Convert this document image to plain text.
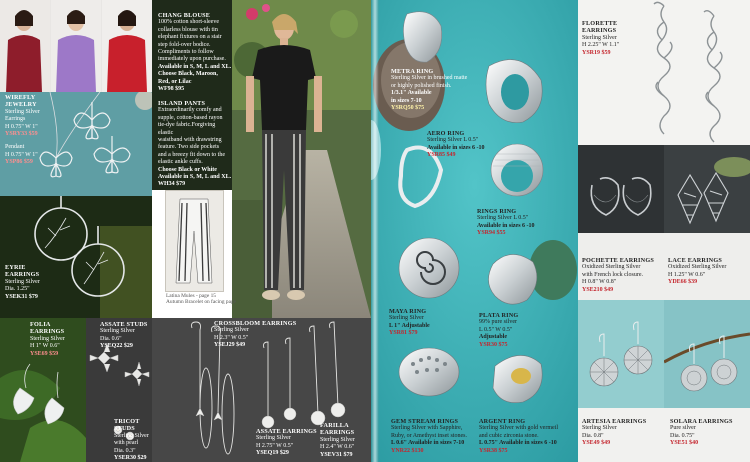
CHANG BLOUSE
100% cotton short-sleeve
collarless blouse with tin
elephant fixtures on a stair
step fold-over bodice.
Compliments to follow
immediately upon purchase.
Available in S, M, L and XL.
Choose Black, Maroon,
Red, or Lilac
WF98 $95
ISLAND PANTS
Extraordinarily comfy and
supple, cotton-based rayon
tie-dye fabric.Forgiving elastic
waistband with drawstring
feature. Two side pockets
and a breezy fit down to the
elastic ankle cuffs.
Choose Black or White
Available in S, M, L and XL.
WH34 $79
Latina Mules - page 15
Autumn Bracelet on facing page
WIREFLY JEWELRY
Sterling Silver
Earrings
H 0.75" W 1"
YSRY33 $59
Pendant
H 0.75" W 1"
YSP86 $59
EYRIE EARRINGS
Sterling Silver
Dia. 1.25"
YSEK31 $79
FOLIA EARRINGS
Sterling Silver
H 1" W 0.6"
YSE69 $59
ASSATE STUDS
Sterling Silver
Dia. 0.6"
YSEQ22 $29
TRICOT STUDS
Sterling Silver with pearl
Dia. 0.3"
YSER30 $29
CROSSBLOOM EARRINGS
Sterling Silver
H 2.3" W 0.5"
YSEJ29 $49
ASSATE EARRINGS
Sterling Silver
H 2.75" W 0.5"
YSEQ19 $29
FARILLA EARRINGS
Sterling Silver
H 2.4" W 0.6"
YSEV31 $79
METRA RING
Sterling Silver in brushed matte
or highly polished finish.
1/3.1" Available
in sizes 7-10
YSRQ50 $75
AERO RING
Sterling Silver L 0.5"
Available in sizes 6 -10
YSR85 $49
RINGS RING
Sterling Silver L 0.5"
Available in sizes 6 -10
YSR94 $55
MAYA RING
Sterling Silver
L 1" Adjustable
YSR81 $79
PLATA RING
99% pure silver
L 0.5" W 0.5"
Adjustable
YSR30 $75
GEM STREAM RINGS
Sterling Silver with Sapphire,
Ruby, or Amethyst inset stones.
L 0.6" Available in sizes 7-10
YNR22 $130
ARGENT RING
Sterling Silver with gold vermeil
and cubic zirconia stone.
L 0.75" Available in sizes 6 -10
YSR38 $75
FLORETTE EARRINGS
Sterling Silver
H 2.25" W 1.1"
YSR19 $59
POCHETTE EARRINGS
Oxidized Sterling Silver
with French lock closure.
H 0.8" W 0.8"
YSE210 $49
LACE EARRINGS
Oxidized Sterling Silver
H 1.25" W 0.6"
YDE66 $39
ARTESIA EARRINGS
Sterling Silver
Dia. 0.8"
YSE49 $49
SOLARA EARRINGS
Pure silver
Dia. 0.75"
YSE51 $40
